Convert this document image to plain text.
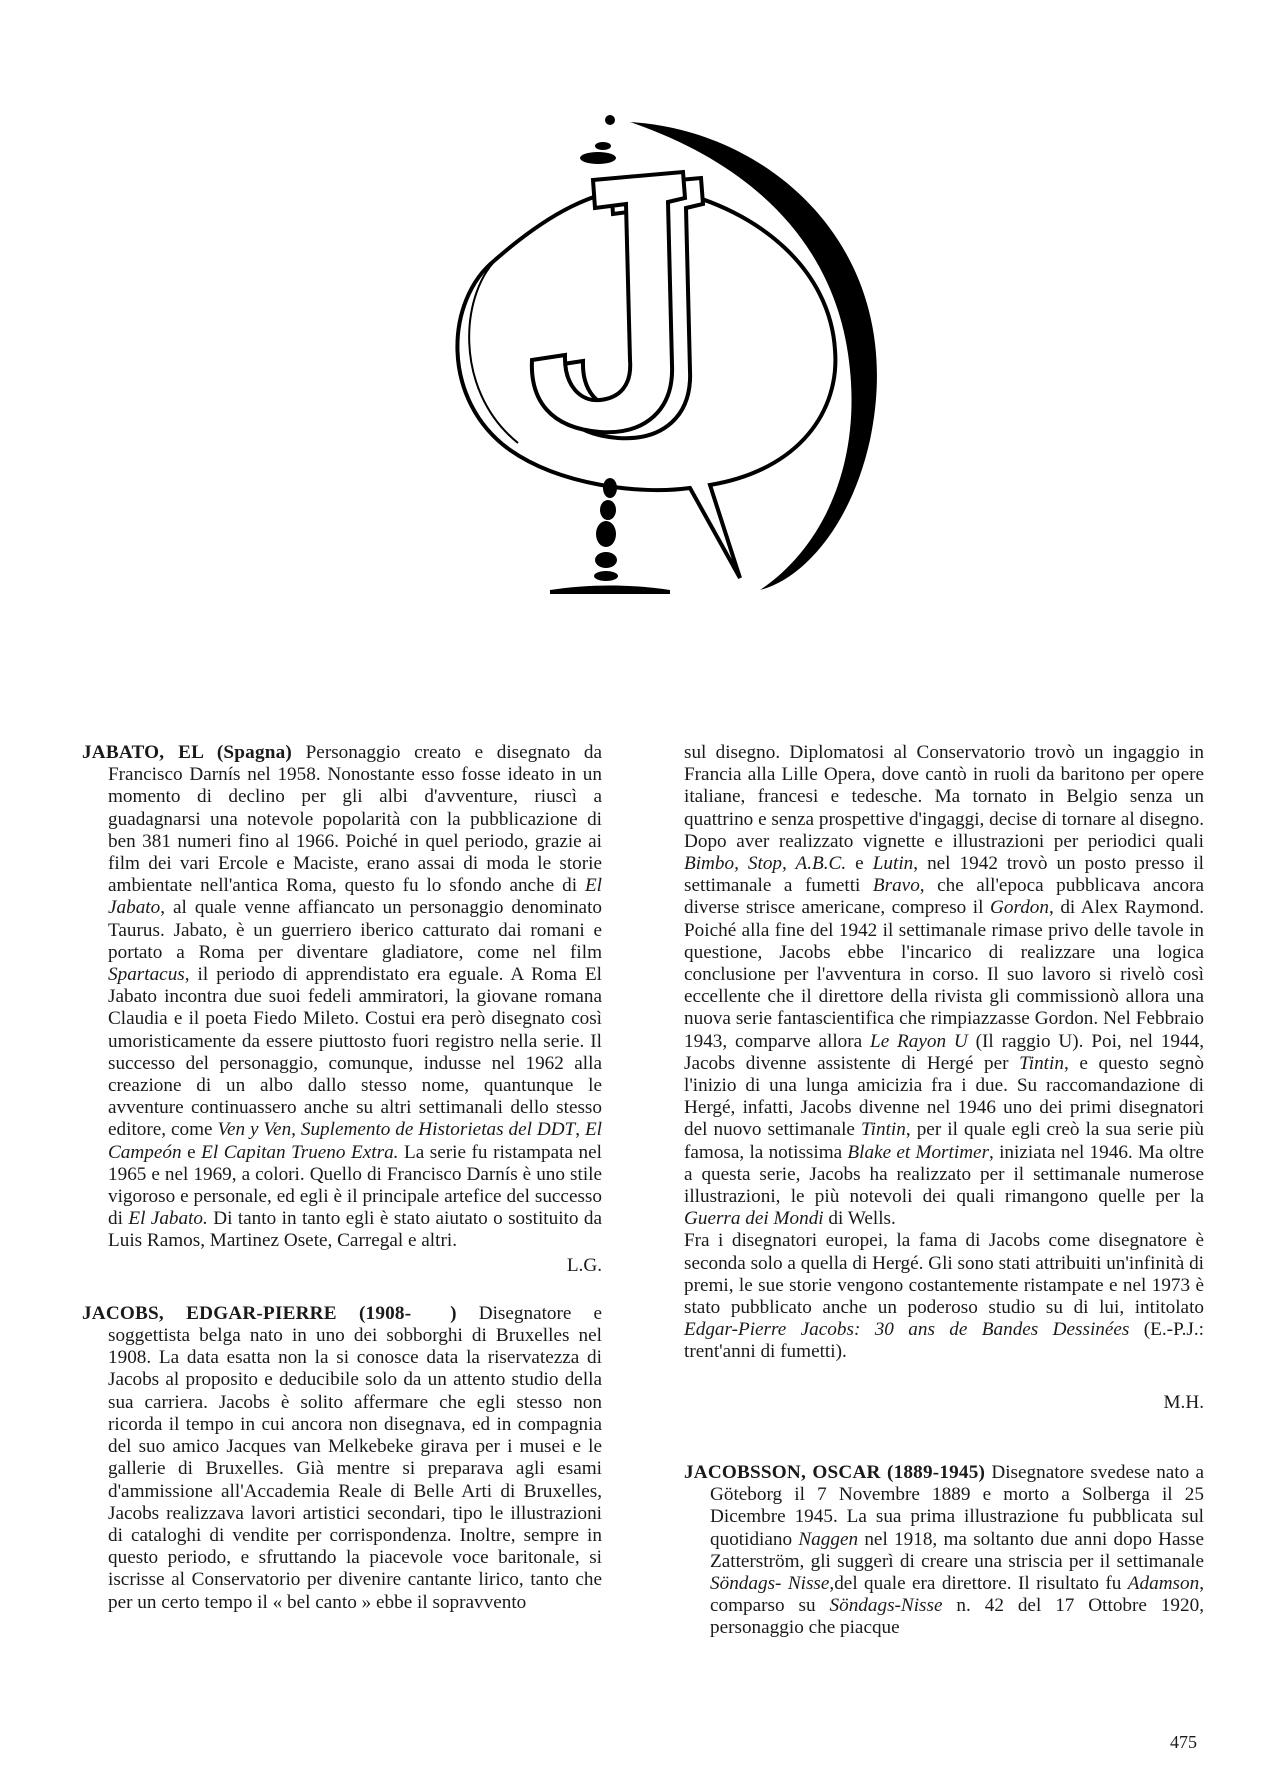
JABATO, EL (Spagna) Personaggio creato e disegnato da Francisco Darnís nel 1958. Nonostante esso fosse ideato in un momento di declino per gli albi d'avventure, riuscì a guadagnarsi una notevole popolarità con la pubblicazione di ben 381 numeri fino al 1966. Poiché in quel periodo, grazie ai film dei vari Ercole e Maciste, erano assai di moda le storie ambientate nell'antica Roma, questo fu lo sfondo anche di El Jabato, al quale venne affiancato un personaggio denominato Taurus. Jabato, è un guerriero iberico catturato dai romani e portato a Roma per diventare gladiatore, come nel film Spartacus, il periodo di apprendistato era eguale. A Roma El Jabato incontra due suoi fedeli ammiratori, la giovane romana Claudia e il poeta Fiedo Mileto. Costui era però disegnato così umoristicamente da essere piuttosto fuori registro nella serie. Il successo del personaggio, comunque, indusse nel 1962 alla creazione di un albo dallo stesso nome, quantunque le avventure continuassero anche su altri settimanali dello stesso editore, come Ven y Ven, Suplemento de Historietas del DDT, El Campeón e El Capitan Trueno Extra. La serie fu ristampata nel 1965 e nel 1969, a colori. Quello di Francisco Darnís è uno stile vigoroso e personale, ed egli è il principale artefice del successo di El Jabato. Di tanto in tanto egli è stato aiutato o sostituito da Luis Ramos, Martinez Osete, Carregal e altri.

L.G.

JACOBS, EDGAR-PIERRE (1908-  ) Disegnatore e soggettista belga nato in uno dei sobborghi di Bruxelles nel 1908. La data esatta non la si conosce data la riservatezza di Jacobs al proposito e deducibile solo da un attento studio della sua carriera. Jacobs è solito affermare che egli stesso non ricorda il tempo in cui ancora non disegnava, ed in compagnia del suo amico Jacques van Melkebeke girava per i musei e le gallerie di Bruxelles. Già mentre si preparava agli esami d'ammissione all'Accademia Reale di Belle Arti di Bruxelles, Jacobs realizzava lavori artistici secondari, tipo le illustrazioni di cataloghi di vendite per corrispondenza. Inoltre, sempre in questo periodo, e sfruttando la piacevole voce baritonale, si iscrisse al Conservatorio per divenire cantante lirico, tanto che per un certo tempo il « bel canto » ebbe il sopravvento

sul disegno. Diplomatosi al Conservatorio trovò un ingaggio in Francia alla Lille Opera, dove cantò in ruoli da baritono per opere italiane, francesi e tedesche. Ma tornato in Belgio senza un quattrino e senza prospettive d'ingaggi, decise di tornare al disegno. Dopo aver realizzato vignette e illustrazioni per periodici quali Bimbo, Stop, A.B.C. e Lutin, nel 1942 trovò un posto presso il settimanale a fumetti Bravo, che all'epoca pubblicava ancora diverse strisce americane, compreso il Gordon, di Alex Raymond. Poiché alla fine del 1942 il settimanale rimase privo delle tavole in questione, Jacobs ebbe l'incarico di realizzare una logica conclusione per l'avventura in corso. Il suo lavoro si rivelò così eccellente che il direttore della rivista gli commissionò allora una nuova serie fantascientifica che rimpiazzasse Gordon. Nel Febbraio 1943, comparve allora Le Rayon U (Il raggio U). Poi, nel 1944, Jacobs divenne assistente di Hergé per Tintin, e questo segnò l'inizio di una lunga amicizia fra i due. Su raccomandazione di Hergé, infatti, Jacobs divenne nel 1946 uno dei primi disegnatori del nuovo settimanale Tintin, per il quale egli creò la sua serie più famosa, la notissima Blake et Mortimer, iniziata nel 1946. Ma oltre a questa serie, Jacobs ha realizzato per il settimanale numerose illustrazioni, le più notevoli dei quali rimangono quelle per la Guerra dei Mondi di Wells.

Fra i disegnatori europei, la fama di Jacobs come disegnatore è seconda solo a quella di Hergé. Gli sono stati attribuiti un'infinità di premi, le sue storie vengono costantemente ristampate e nel 1973 è stato pubblicato anche un poderoso studio su di lui, intitolato Edgar-Pierre Jacobs: 30 ans de Bandes Dessinées (E.-P.J.: trent'anni di fumetti).

M.H.

JACOBSSON, OSCAR (1889-1945) Disegnatore svedese nato a Göteborg il 7 Novembre 1889 e morto a Solberga il 25 Dicembre 1945. La sua prima illustrazione fu pubblicata sul quotidiano Naggen nel 1918, ma soltanto due anni dopo Hasse Zatterström, gli suggerì di creare una striscia per il settimanale Söndags- Nisse,del quale era direttore. Il risultato fu Adamson, comparso su Söndags-Nisse n. 42 del 17 Ottobre 1920, personaggio che piacque

475
